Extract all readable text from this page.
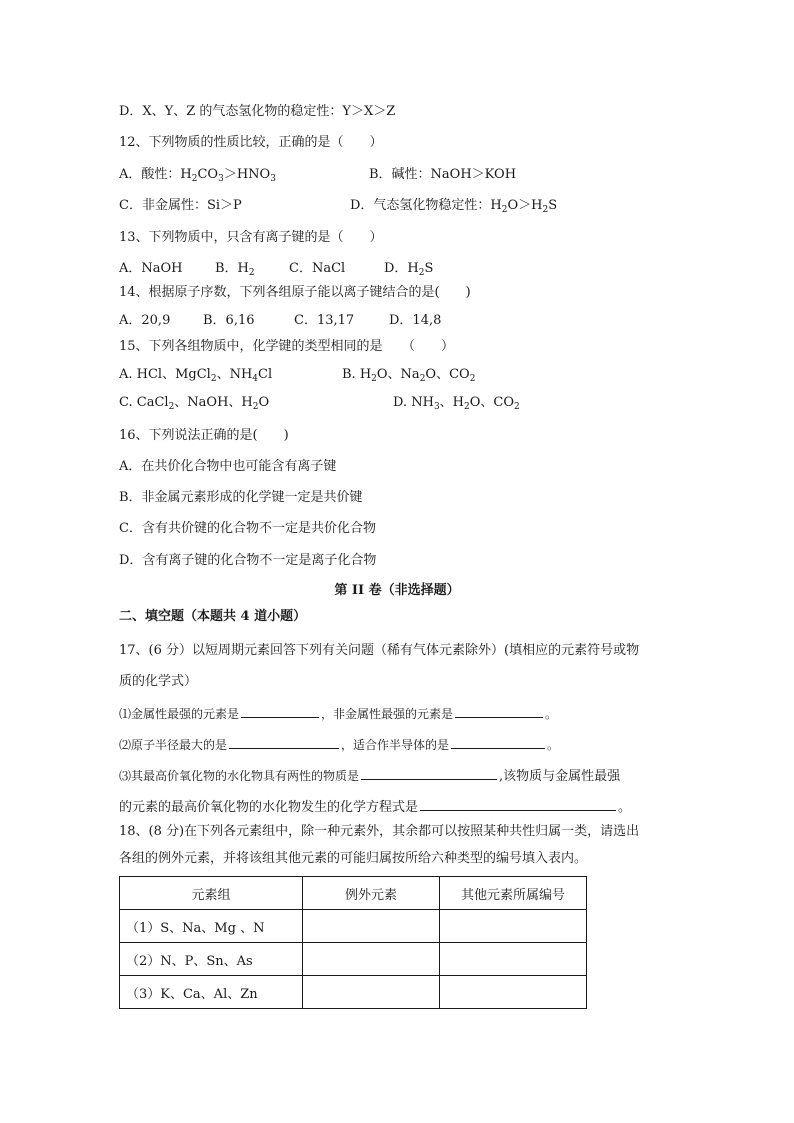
D．X、Y、Z 的气态氢化物的稳定性：Y＞X＞Z
12、下列物质的性质比较，正确的是（　　）
A．酸性：$H_2CO_3>HNO_3$	B．碱性：NaOH＞KOH
C．非金属性：Si＞P	D．气态氢化物稳定性：$H_2O>H_2S$
13、下列物质中，只含有离子键的是（　　）
A．NaOH B．$H_2$	C．NaCl	D．$H_2S$
14、根据原子序数，下列各组原子能以离子键结合的是(　　)
A．20,9	B．6,16	C．13,17	D．14,8
15、下列各组物质中，化学键的类型相同的是　　（　　）
A. HCl、MgCl$_2$、$NH_4Cl$	B. $H_2O$、$Na_2O$、$CO_2$
C. CaCl$_2$、NaOH、$H_2O$	D. $NH_3$、$H_2O$、$CO_2$
16、下列说法正确的是(　　)
A．在共价化合物中也可能含有离子键
B．非金属元素形成的化学键一定是共价键
C．含有共价键的化合物不一定是共价化合物
D．含有离子键的化合物不一定是离子化合物
第 II 卷（非选择题）
二、填空题（本题共 4 道小题）
17、(6 分）以短周期元素回答下列有关问题（稀有气体元素除外）(填相应的元素符号或物
质的化学式）
⑴金属性最强的元素是	，非金属性最强的元素是	。
⑵原子半径最大的是	，适合作半导体的是	。
⑶其最高价氧化物的水化物具有两性的物质是	,该物质与金属性最强
的元素的最高价氧化物的水化物发生的化学方程式是	。
18、(8 分)在下列各元素组中，除一种元素外，其余都可以按照某种共性归属一类，请选出
各组的例外元素，并将该组其他元素的可能归属按所给六种类型的编号填入表内。
元素组	例外元素	其他元素所属编号
（1）S、Na、Mg 、N		
（2）N、P、Sn、As		
（3）K、Ca、Al、Zn		
